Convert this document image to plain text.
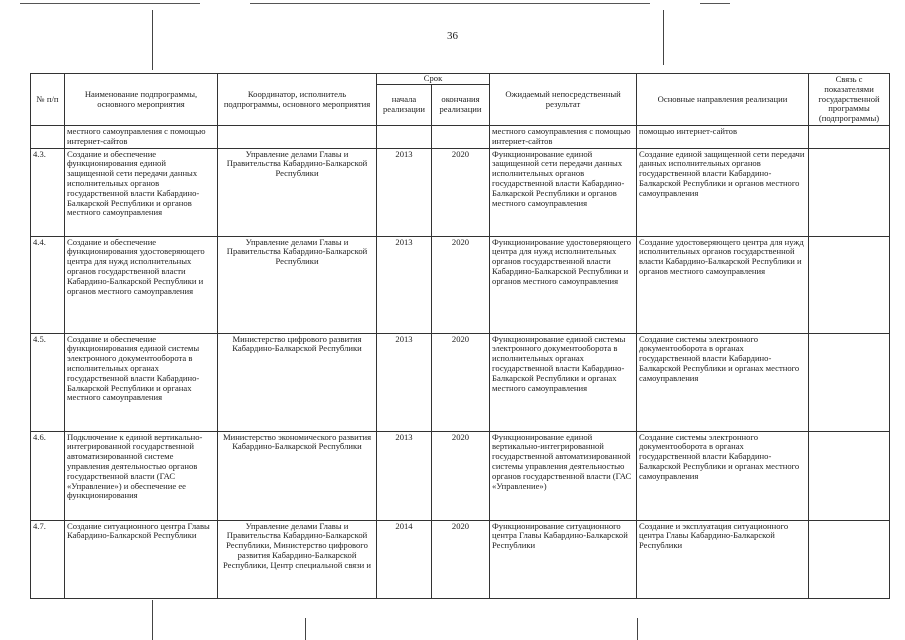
36
№ п/п	Наименование подпрограммы, основного мероприятия	Координатор, исполнитель подпрограммы, основного мероприятия	Срок		Ожидаемый непосредственный результат	Основные направления реализации	Связь с показателями государственной программы (подпрограммы)
			начала реализации	окончания реализации			
	местного самоуправления с помощью интернет-сайтов				местного самоуправления с помощью интернет-сайтов	помощью интернет-сайтов	
4.3.	Создание и обеспечение функционирования единой защищенной сети передачи данных исполнительных органов государственной власти Кабардино-Балкарской Республики и органов местного самоуправления	Управление делами Главы и Правительства Кабардино-Балкарской Республики	2013	2020	Функционирование единой защищенной сети передачи данных исполнительных органов государственной власти Кабардино-Балкарской Республики и органов местного самоуправления	Создание единой защищенной сети передачи данных исполнительных органов государственной власти Кабардино-Балкарской Республики и органов местного самоуправления	
4.4.	Создание и обеспечение функционирования удостоверяющего центра для нужд исполнительных органов государственной власти Кабардино-Балкарской Республики и органов местного самоуправления	Управление делами Главы и Правительства Кабардино-Балкарской Республики	2013	2020	Функционирование удостоверяющего центра для нужд исполнительных органов государственной власти Кабардино-Балкарской Республики и органов местного самоуправления	Создание удостоверяющего центра для нужд исполнительных органов государственной власти Кабардино-Балкарской Республики и органов местного самоуправления	
4.5.	Создание и обеспечение функционирования единой системы электронного документооборота в исполнительных органах государственной власти Кабардино-Балкарской Республики и органах местного самоуправления	Министерство цифрового развития Кабардино-Балкарской Республики	2013	2020	Функционирование единой системы электронного документооборота в исполнительных органах государственной власти Кабардино-Балкарской Республики и органах местного самоуправления	Создание системы электронного документооборота в органах государственной власти Кабардино-Балкарской Республики и органах местного самоуправления	
4.6.	Подключение к единой вертикально-интегрированной государственной автоматизированной системе управления деятельностью органов государственной власти (ГАС «Управление») и обеспечение ее функционирования	Министерство экономического развития Кабардино-Балкарской Республики	2013	2020	Функционирование единой вертикально-интегрированной государственной автоматизированной системы управления деятельностью органов государственной власти (ГАС «Управление»)	Создание системы электронного документооборота в органах государственной власти Кабардино-Балкарской Республики и органах местного самоуправления	
4.7.	Создание ситуационного центра Главы Кабардино-Балкарской Республики	Управление делами Главы и Правительства Кабардино-Балкарской Республики, Министерство цифрового развития Кабардино-Балкарской Республики, Центр специальной связи и	2014	2020	Функционирование ситуационного центра Главы Кабардино-Балкарской Республики	Создание и эксплуатация ситуационного центра Главы Кабардино-Балкарской Республики	
